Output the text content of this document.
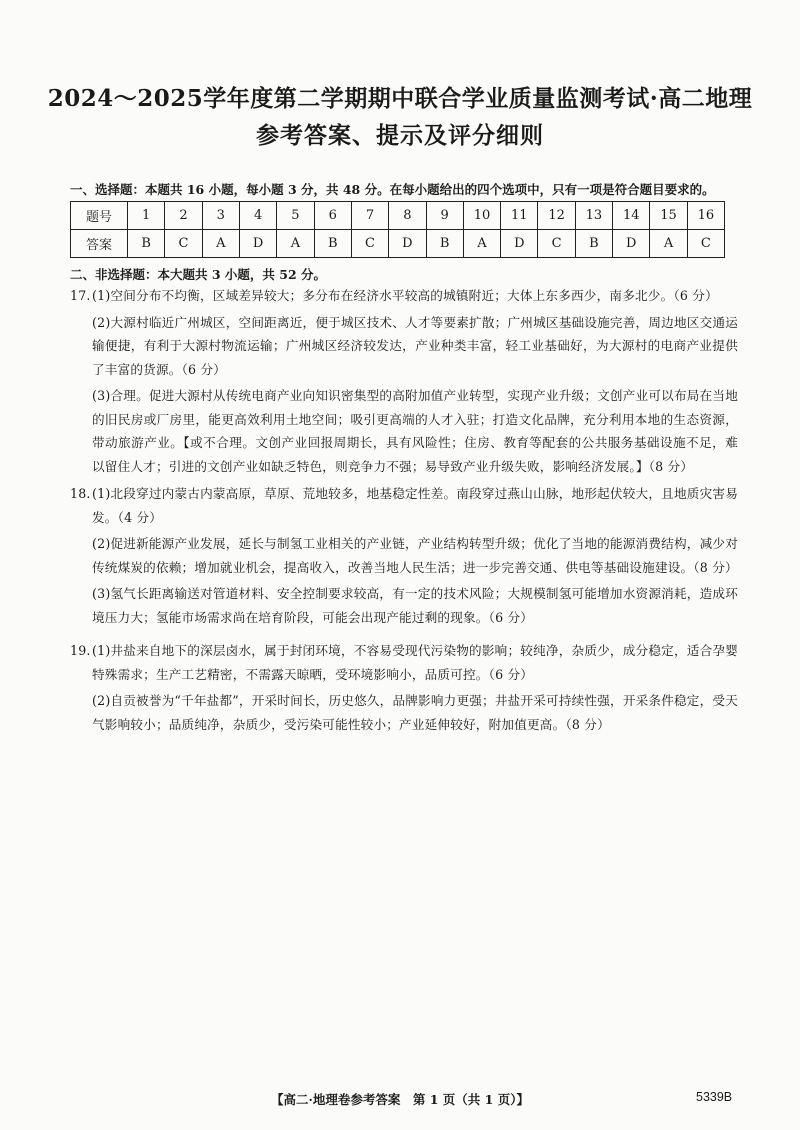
2024～2025学年度第二学期期中联合学业质量监测考试·高二地理
参考答案、提示及评分细则
一、选择题：本题共 16 小题，每小题 3 分，共 48 分。在每小题给出的四个选项中，只有一项是符合题目要求的。
题号	1	2	3	4	5	6	7	8	9	10	11	12	13	14	15	16
答案	B	C	A	D	A	B	C	D	B	A	D	C	B	D	A	C
二、非选择题：本大题共 3 小题，共 52 分。
17. (1)空间分布不均衡，区域差异较大；多分布在经济水平较高的城镇附近；大体上东多西少，南多北少。（6 分）
(2)大源村临近广州城区，空间距离近，便于城区技术、人才等要素扩散；广州城区基础设施完善，周边地区交通运输便捷，有利于大源村物流运输；广州城区经济较发达，产业种类丰富，轻工业基础好，为大源村的电商产业提供了丰富的货源。（6 分）
(3)合理。促进大源村从传统电商产业向知识密集型的高附加值产业转型，实现产业升级；文创产业可以布局在当地的旧民房或厂房里，能更高效利用土地空间；吸引更高端的人才入驻；打造文化品牌，充分利用本地的生态资源，带动旅游产业。【或不合理。文创产业回报周期长，具有风险性；住房、教育等配套的公共服务基础设施不足，难以留住人才；引进的文创产业如缺乏特色，则竞争力不强；易导致产业升级失败，影响经济发展。】（8 分）
18. (1)北段穿过内蒙古内蒙高原，草原、荒地较多，地基稳定性差。南段穿过燕山山脉，地形起伏较大，且地质灾害易发。（4 分）
(2)促进新能源产业发展，延长与制氢工业相关的产业链，产业结构转型升级；优化了当地的能源消费结构，减少对传统煤炭的依赖；增加就业机会，提高收入，改善当地人民生活；进一步完善交通、供电等基础设施建设。（8 分）
(3)氢气长距离输送对管道材料、安全控制要求较高，有一定的技术风险；大规模制氢可能增加水资源消耗，造成环境压力大；氢能市场需求尚在培育阶段，可能会出现产能过剩的现象。（6 分）
19. (1)井盐来自地下的深层卤水，属于封闭环境，不容易受现代污染物的影响；较纯净，杂质少，成分稳定，适合孕婴特殊需求；生产工艺精密，不需露天晾晒，受环境影响小，品质可控。（6 分）
(2)自贡被誉为“千年盐都”，开采时间长，历史悠久，品牌影响力更强；井盐开采可持续性强，开采条件稳定，受天气影响较小；品质纯净，杂质少，受污染可能性较小；产业延伸较好，附加值更高。（8 分）
【高二·地理卷参考答案　第 1 页（共 1 页）】	5339B
